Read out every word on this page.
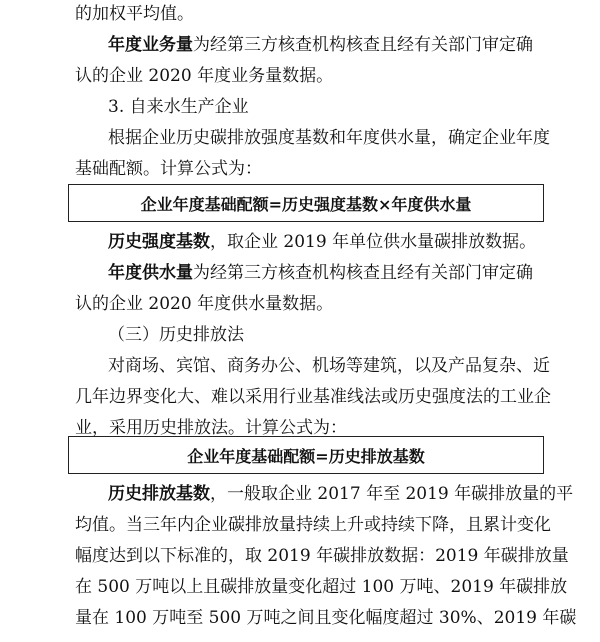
的加权平均值。
年度业务量为经第三方核查机构核查且经有关部门审定确
认的企业 2020 年度业务量数据。
3. 自来水生产企业
根据企业历史碳排放强度基数和年度供水量，确定企业年度
基础配额。计算公式为：
企业年度基础配额=历史强度基数×年度供水量
历史强度基数，取企业 2019 年单位供水量碳排放数据。
年度供水量为经第三方核查机构核查且经有关部门审定确
认的企业 2020 年度供水量数据。
（三）历史排放法
对商场、宾馆、商务办公、机场等建筑，以及产品复杂、近
几年边界变化大、难以采用行业基准线法或历史强度法的工业企
业，采用历史排放法。计算公式为：
企业年度基础配额=历史排放基数
历史排放基数，一般取企业 2017 年至 2019 年碳排放量的平
均值。当三年内企业碳排放量持续上升或持续下降，且累计变化
幅度达到以下标准的，取 2019 年碳排放数据：2019 年碳排放量
在 500 万吨以上且碳排放量变化超过 100 万吨、2019 年碳排放
量在 100 万吨至 500 万吨之间且变化幅度超过 30%、2019 年碳
